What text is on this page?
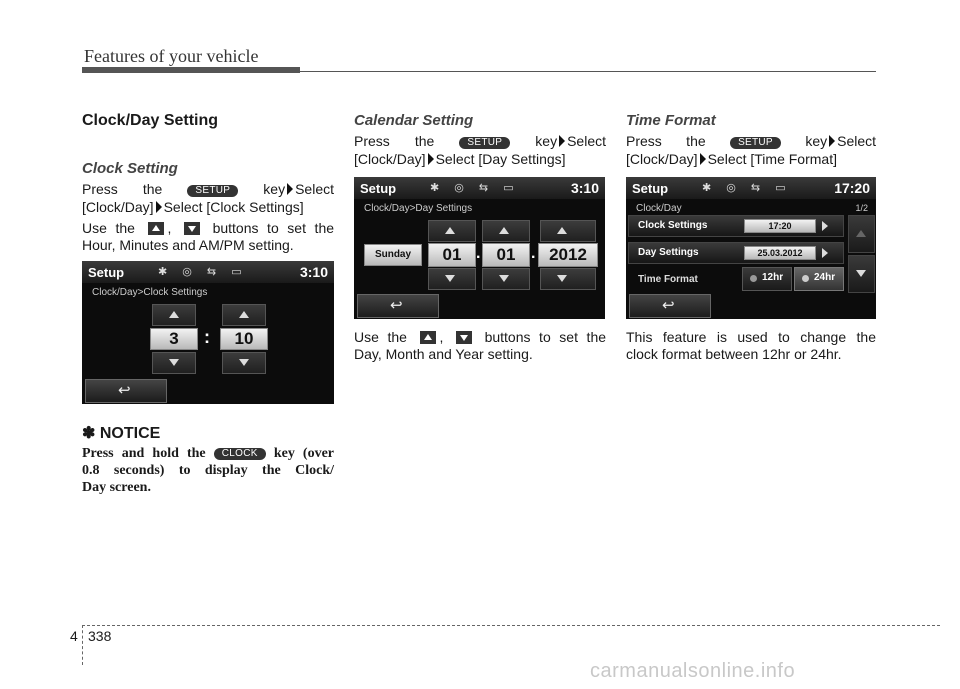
Features of your vehicle
Clock/Day Setting
Clock Setting
Press the	SETUP key Select
[Clock/Day] Select [Clock Settings]
Use the ,	buttons to set the
Hour, Minutes and AM/PM setting.
Setup	✱ ◎ ⇆ ▭	3:10
Clock/Day>Clock Settings
3	:	10
↩
✽ NOTICE
Press and hold the CLOCK key (over
0.8 seconds) to display the Clock/
Day screen.
Calendar Setting
Press the	SETUP key Select
[Clock/Day] Select [Day Settings]
Setup	✱ ◎ ⇆ ▭	3:10
Clock/Day>Day Settings
Sunday	01 . 01 . 2012
↩
Use the ,	buttons to set the
Day, Month and Year setting.
Time Format
Press the	SETUP key Select
[Clock/Day] Select [Time Format]
Setup	✱ ◎ ⇆ ▭	17:20
Clock/Day	1/2
Clock Settings	17:20
Day Settings	25.03.2012
Time Format	12hr	24hr
↩
This feature is used to change the
clock format between 12hr or 24hr.
4 338
carmanualsonline.info
